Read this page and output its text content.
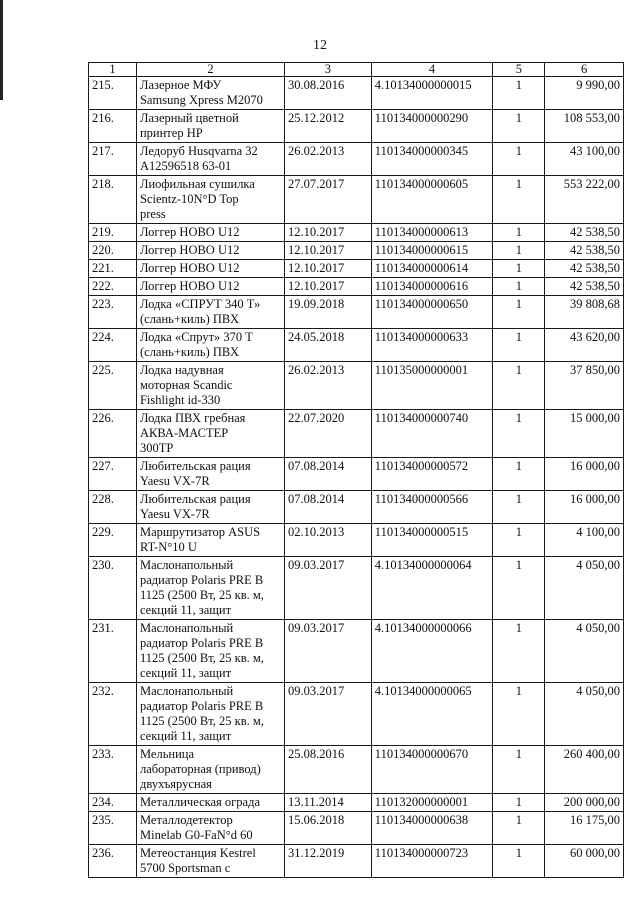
12
1	2	3	4	5	6
215.	Лазерное МФУ
Samsung Xpress M2070	30.08.2016	4.10134000000015	1	9 990,00
216.	Лазерный цветной
принтер HP	25.12.2012	110134000000290	1	108 553,00
217.	Ледоруб Husqvarna 32
A12596518 63-01	26.02.2013	110134000000345	1	43 100,00
218.	Лиофильная сушилка
Scientz-10N°D Top
press	27.07.2017	110134000000605	1	553 222,00
219.	Логгер HOBO U12	12.10.2017	110134000000613	1	42 538,50
220.	Логгер HOBO U12	12.10.2017	110134000000615	1	42 538,50
221.	Логгер HOBO U12	12.10.2017	110134000000614	1	42 538,50
222.	Логгер HOBO U12	12.10.2017	110134000000616	1	42 538,50
223.	Лодка «СПРУТ 340 Т»
(слань+киль) ПВХ	19.09.2018	110134000000650	1	39 808,68
224.	Лодка «Спрут» 370 Т
(слань+киль) ПВХ	24.05.2018	110134000000633	1	43 620,00
225.	Лодка надувная
моторная Scandic
Fishlight id-330	26.02.2013	110135000000001	1	37 850,00
226.	Лодка ПВХ гребная
АКВА-МАСТЕР
300ТР	22.07.2020	110134000000740	1	15 000,00
227.	Любительская рация
Yaesu VX-7R	07.08.2014	110134000000572	1	16 000,00
228.	Любительская рация
Yaesu VX-7R	07.08.2014	110134000000566	1	16 000,00
229.	Маршрутизатор ASUS
RT-N°10 U	02.10.2013	110134000000515	1	4 100,00
230.	Маслонапольный
радиатор Polaris PRE B
1125 (2500 Вт, 25 кв. м,
секций 11, защит	09.03.2017	4.10134000000064	1	4 050,00
231.	Маслонапольный
радиатор Polaris PRE B
1125 (2500 Вт, 25 кв. м,
секций 11, защит	09.03.2017	4.10134000000066	1	4 050,00
232.	Маслонапольный
радиатор Polaris PRE B
1125 (2500 Вт, 25 кв. м,
секций 11, защит	09.03.2017	4.10134000000065	1	4 050,00
233.	Мельница
лабораторная (привод)
двухъярусная	25.08.2016	110134000000670	1	260 400,00
234.	Металлическая ограда	13.11.2014	110132000000001	1	200 000,00
235.	Металлодетектор
Minelab G0-FaN°d 60	15.06.2018	110134000000638	1	16 175,00
236.	Метеостанция Kestrel
5700 Sportsman с	31.12.2019	110134000000723	1	60 000,00
